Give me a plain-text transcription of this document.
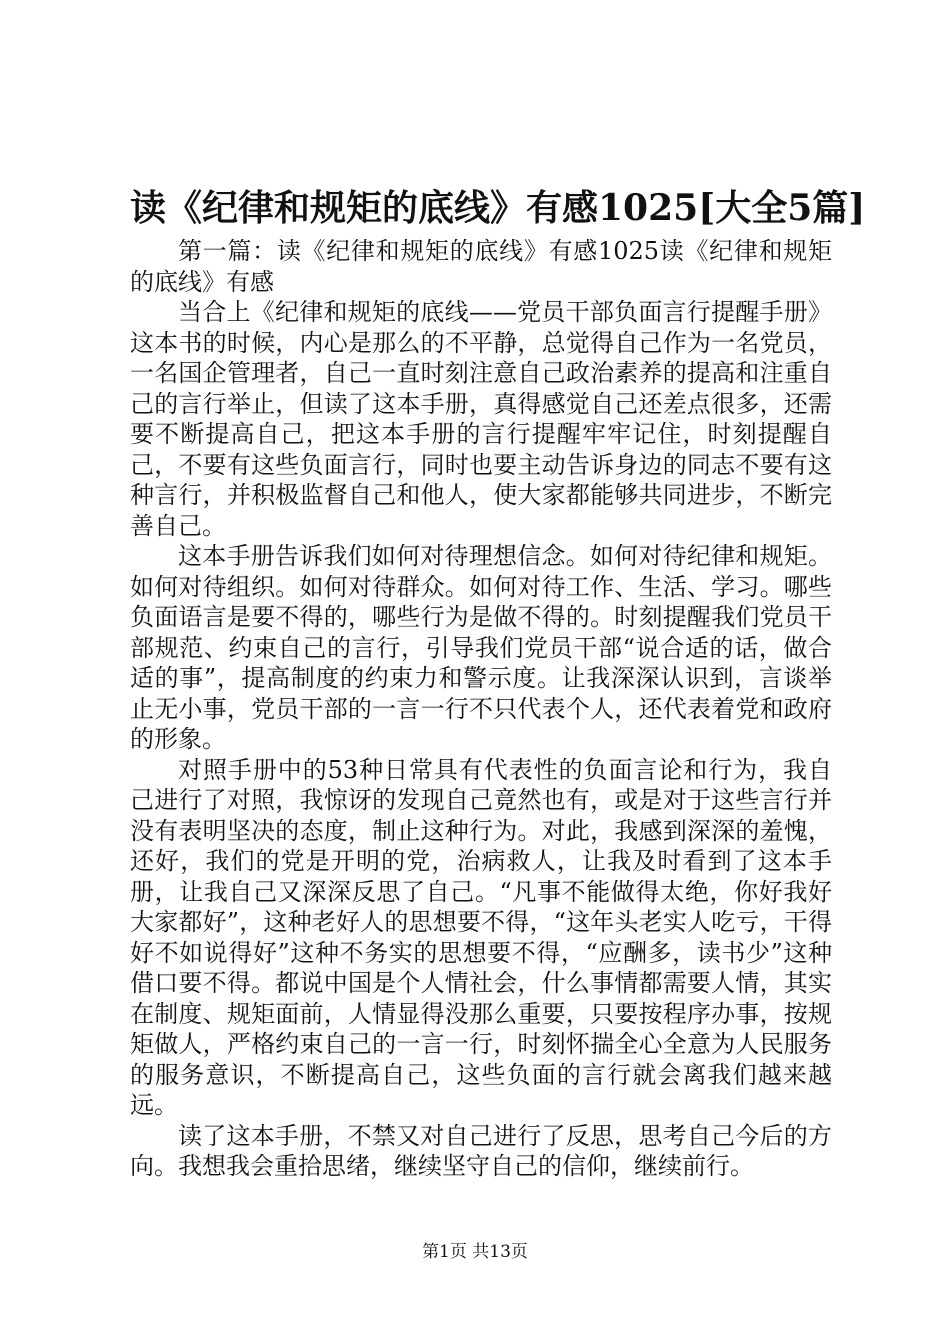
读《纪律和规矩的底线》有感1025[大全5篇]

第一篇：读《纪律和规矩的底线》有感1025读《纪律和规矩的底线》有感

当合上《纪律和规矩的底线——党员干部负面言行提醒手册》这本书的时候，内心是那么的不平静，总觉得自己作为一名党员，一名国企管理者，自己一直时刻注意自己政治素养的提高和注重自己的言行举止，但读了这本手册，真得感觉自己还差点很多，还需要不断提高自己，把这本手册的言行提醒牢牢记住，时刻提醒自己，不要有这些负面言行，同时也要主动告诉身边的同志不要有这种言行，并积极监督自己和他人，使大家都能够共同进步，不断完善自己。

这本手册告诉我们如何对待理想信念。如何对待纪律和规矩。如何对待组织。如何对待群众。如何对待工作、生活、学习。哪些负面语言是要不得的，哪些行为是做不得的。时刻提醒我们党员干部规范、约束自己的言行，引导我们党员干部“说合适的话，做合适的事”，提高制度的约束力和警示度。让我深深认识到，言谈举止无小事，党员干部的一言一行不只代表个人，还代表着党和政府的形象。

对照手册中的53种日常具有代表性的负面言论和行为，我自己进行了对照，我惊讶的发现自己竟然也有，或是对于这些言行并没有表明坚决的态度，制止这种行为。对此，我感到深深的羞愧，还好，我们的党是开明的党，治病救人，让我及时看到了这本手册，让我自己又深深反思了自己。“凡事不能做得太绝，你好我好大家都好”，这种老好人的思想要不得，“这年头老实人吃亏，干得好不如说得好”这种不务实的思想要不得，“应酬多，读书少”这种借口要不得。都说中国是个人情社会，什么事情都需要人情，其实在制度、规矩面前，人情显得没那么重要，只要按程序办事，按规矩做人，严格约束自己的一言一行，时刻怀揣全心全意为人民服务的服务意识，不断提高自己，这些负面的言行就会离我们越来越远。

读了这本手册，不禁又对自己进行了反思，思考自己今后的方向。我想我会重拾思绪，继续坚守自己的信仰，继续前行。

第1页 共13页
